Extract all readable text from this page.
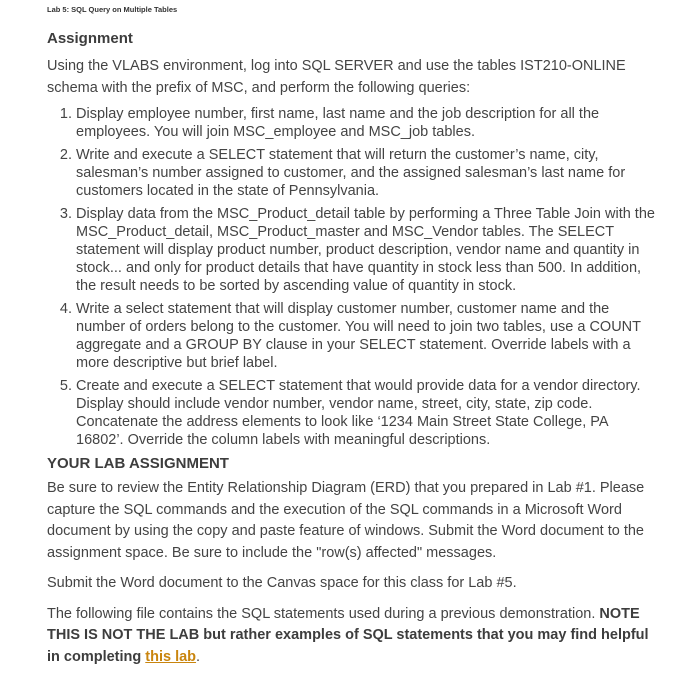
Lab 5: SQL Query on Multiple Tables
Assignment

Using the VLABS environment, log into SQL SERVER and use the tables IST210-ONLINE schema with the prefix of MSC, and perform the following queries:

1. Display employee number, first name, last name and the job description for all the employees. You will join MSC_employee and MSC_job tables.
2. Write and execute a SELECT statement that will return the customer’s name, city, salesman’s number assigned to customer, and the assigned salesman’s last name for customers located in the state of Pennsylvania.
3. Display data from the MSC_Product_detail table by performing a Three Table Join with the MSC_Product_detail, MSC_Product_master and MSC_Vendor tables. The SELECT statement will display product number, product description, vendor name and quantity in stock... and only for product details that have quantity in stock less than 500. In addition, the result needs to be sorted by ascending value of quantity in stock.
4. Write a select statement that will display customer number, customer name and the number of orders belong to the customer. You will need to join two tables, use a COUNT aggregate and a GROUP BY clause in your SELECT statement. Override labels with a more descriptive but brief label.
5. Create and execute a SELECT statement that would provide data for a vendor directory. Display should include vendor number, vendor name, street, city, state, zip code. Concatenate the address elements to look like ‘1234 Main Street State College, PA 16802’. Override the column labels with meaningful descriptions.
YOUR LAB ASSIGNMENT

Be sure to review the Entity Relationship Diagram (ERD) that you prepared in Lab #1. Please capture the SQL commands and the execution of the SQL commands in a Microsoft Word document by using the copy and paste feature of windows. Submit the Word document to the assignment space. Be sure to include the "row(s) affected" messages.

Submit the Word document to the Canvas space for this class for Lab #5.

The following file contains the SQL statements used during a previous demonstration. NOTE THIS IS NOT THE LAB but rather examples of SQL statements that you may find helpful in completing this lab.
